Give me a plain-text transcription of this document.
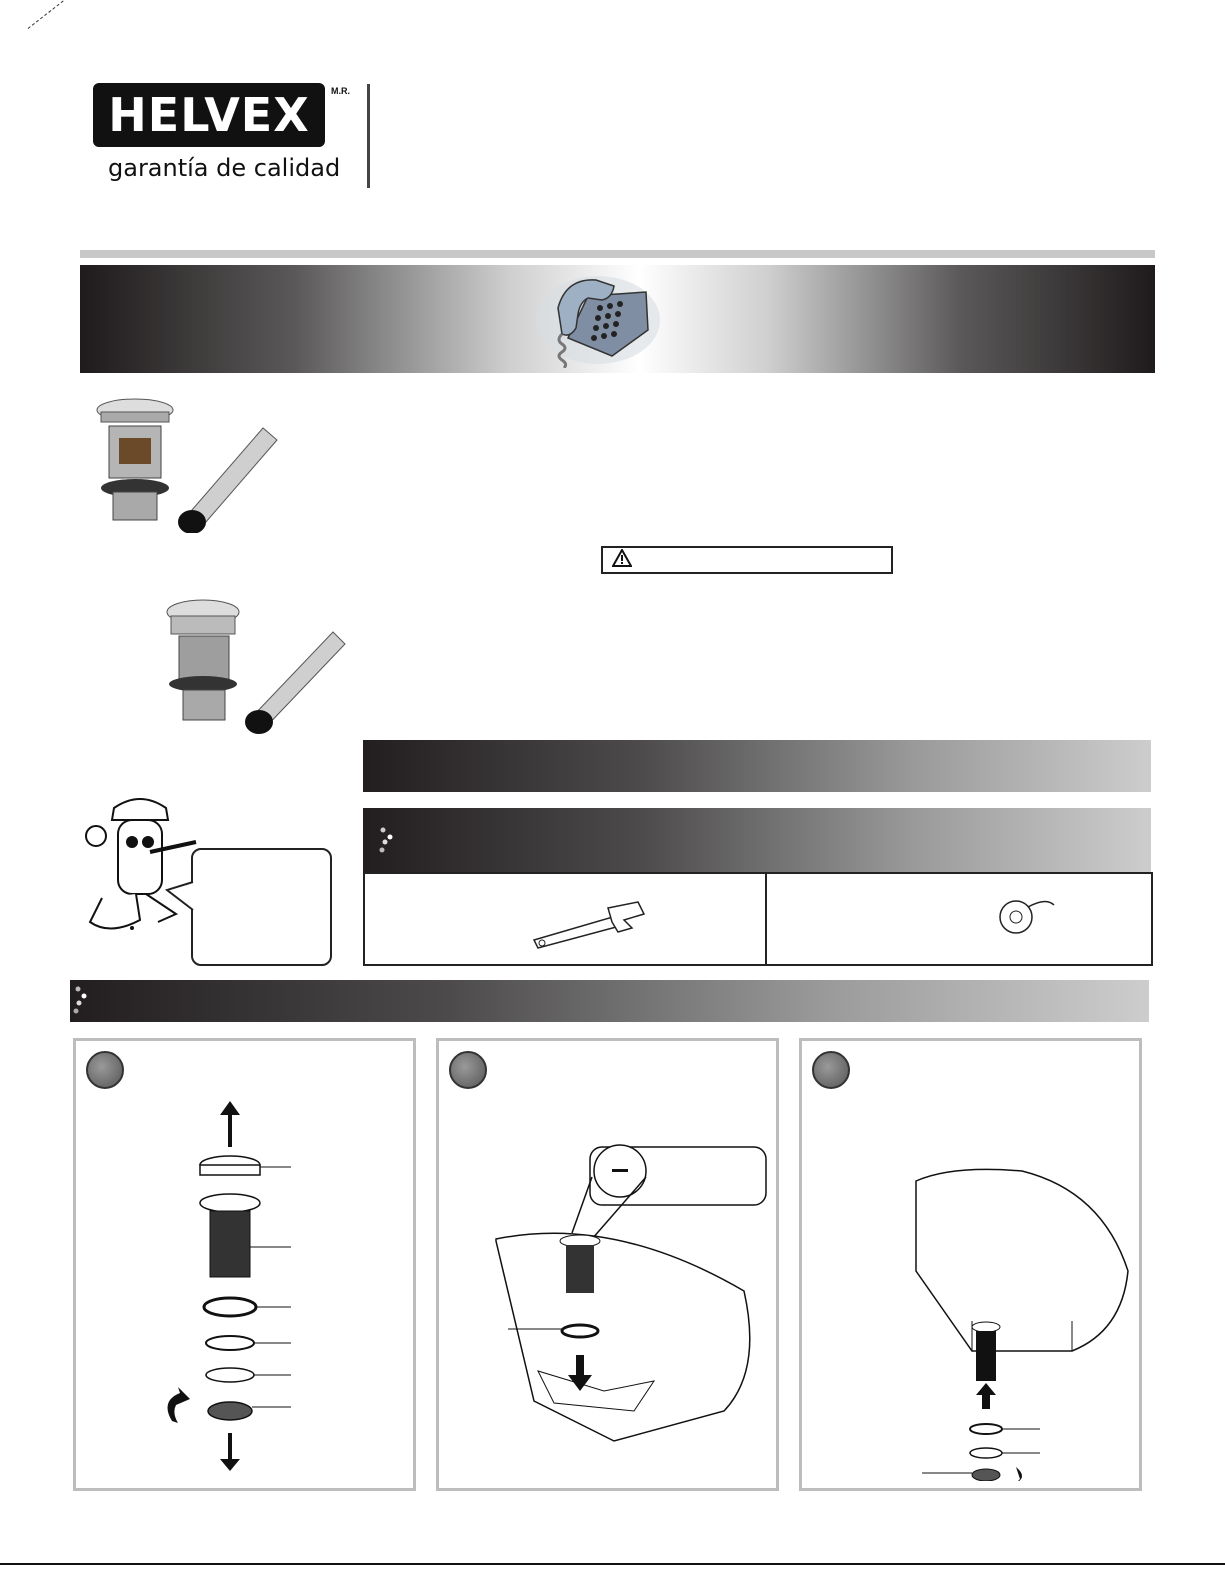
HELVEX M.R.
garantía de calidad
